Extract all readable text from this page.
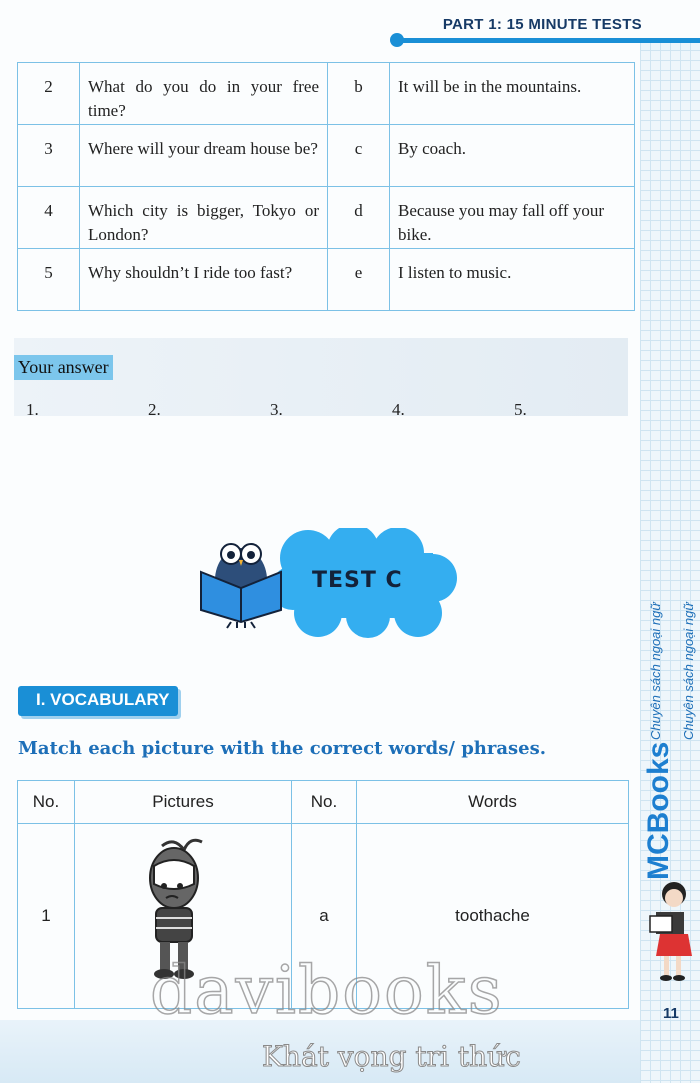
PART 1: 15 MINUTE TESTS
2	What do you do in your free time?	b	It will be in the mountains.
3	Where will your dream house be?	c	By coach.
4	Which city is bigger, Tokyo or London?	d	Because you may fall off your bike.
5	Why shouldn’t I ride too fast?	e	I listen to music.
Your answer
1.	2.	3.	4.	5.
TEST C
I. VOCABULARY
Match each picture with the correct words/ phrases.
No.	Pictures	No.	Words
1		a	toothache
Chuyên sách ngoại ngữ
MCBooks
Chuyên sách ngoại ngữ
11
davibooks
Khát vọng tri thức
